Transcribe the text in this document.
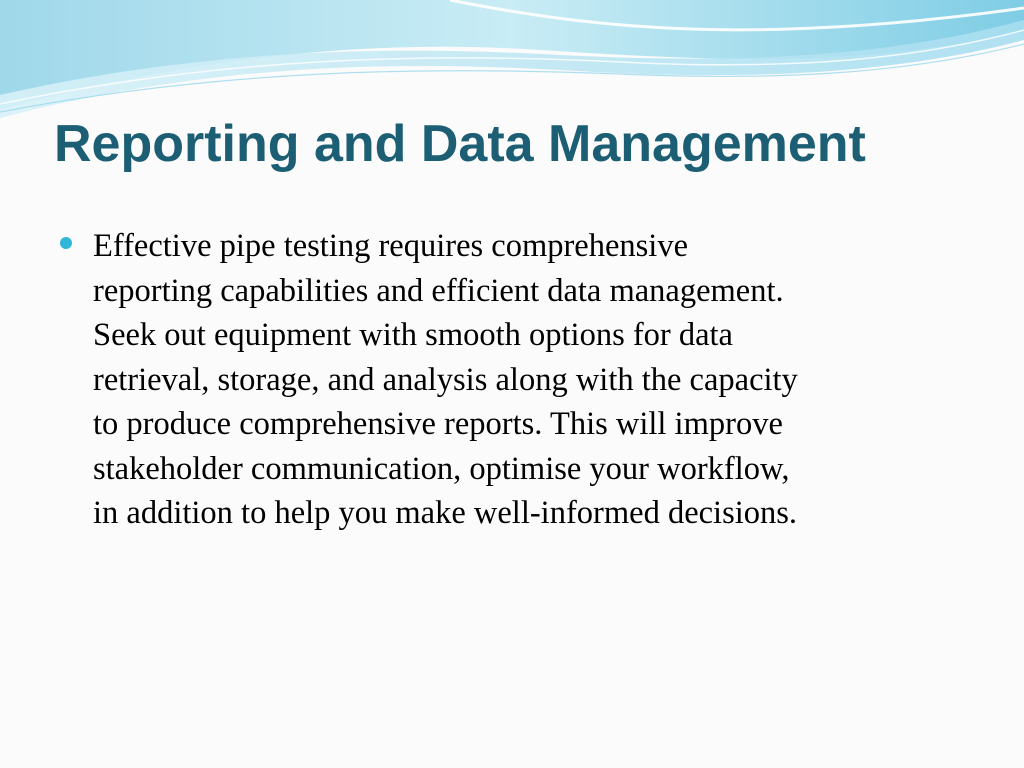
Reporting and Data Management
Effective pipe testing requires comprehensive
reporting capabilities and efficient data management.
Seek out equipment with smooth options for data
retrieval, storage, and analysis along with the capacity
to produce comprehensive reports. This will improve
stakeholder communication, optimise your workflow,
in addition to help you make well-informed decisions.
